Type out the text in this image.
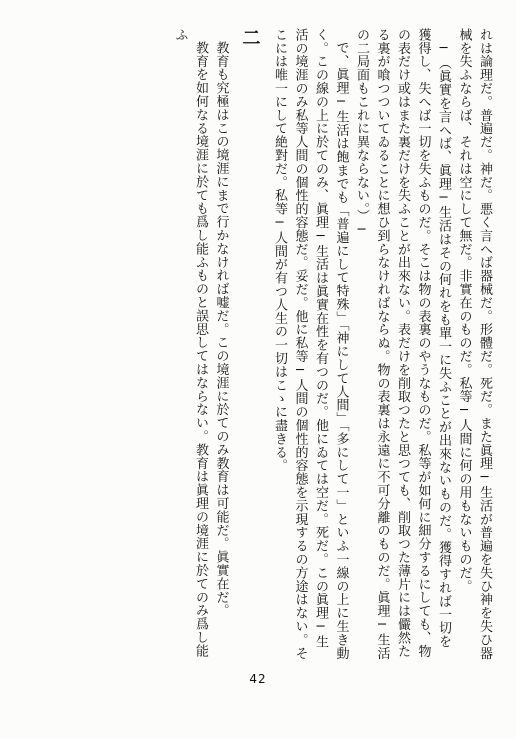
れは論理だ。普遍だ。神だ。悪く言へば器械だ。形體だ。死だ。また眞理─生活が普遍を失ひ神を失ひ器械を失ふならば、それは空にして無だ。非實在のものだ。私等─人間に何の用もないものだ。

─（眞實を言へば、眞理─生活はその何れをも單一に失ふことが出來ないものだ。獲得すれば一切を獲得し、失へば一切を失ふものだ。そこは物の表裏のやうなものだ。私等が如何に細分するにしても、物の表だけ或はまた裏だけを失ふことが出來ない。表だけを削取つたと思つても、削取つた薄片には儼然たる裏が喰つついてゐることに想ひ到らなければならぬ。物の表裏は永遠に不可分離のものだ。眞理─生活の二局面もこれに異ならない。）─

で、眞理─生活は飽までも「普遍にして特殊」「神にして人間」「多にして一」といふ一線の上に生き動く。この線の上に於てのみ、眞理─生活は眞實在性を有つのだ。他にゐては空だ。死だ。この眞理─生活の境涯のみ私等人間の個性的容態だ。妥だ。他に私等─人間の個性的容態を示現するの方途はない。そこには唯一にして絶對だ。私等─人間が有つ人生の一切はこゝに盡きる。

二

教育も究極はこの境涯にまで行かなければ嘘だ。この境涯に於てのみ教育は可能だ。眞實在だ。

教育を如何なる境涯に於ても爲し能ふものと誤思してはならない。教育は眞理の境涯に於てのみ爲し能ふ

42
